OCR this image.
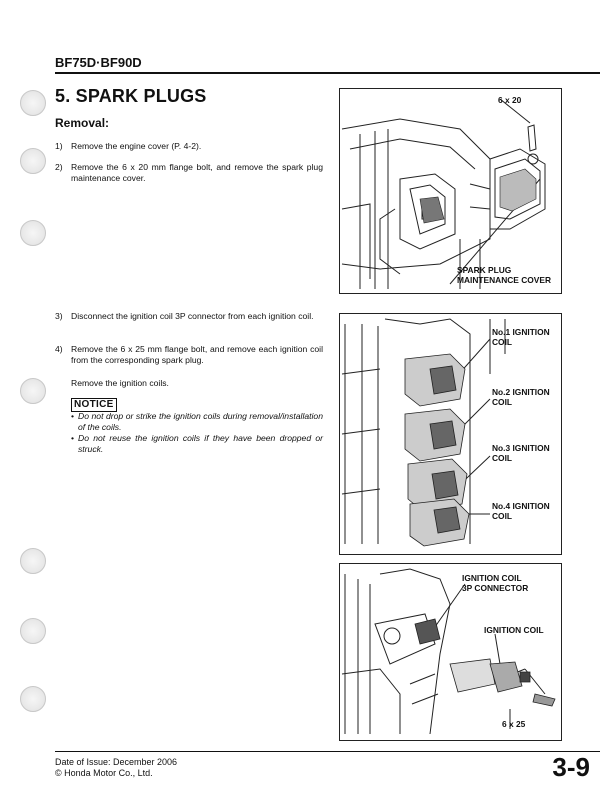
BF75D·BF90D
5. SPARK PLUGS
Removal:
1) Remove the engine cover (P. 4-2).
2) Remove the 6 x 20 mm flange bolt, and remove the spark plug maintenance cover.
3) Disconnect the ignition coil 3P connector from each ignition coil.
4) Remove the 6 x 25 mm flange bolt, and remove each ignition coil from the corresponding spark plug.
Remove the ignition coils.
NOTICE
• Do not drop or strike the ignition coils during removal/installation of the coils.
• Do not reuse the ignition coils if they have been dropped or struck.
6 x 20
SPARK PLUG
MAINTENANCE COVER
No.1 IGNITION
COIL
No.2 IGNITION
COIL
No.3 IGNITION
COIL
No.4 IGNITION
COIL
IGNITION COIL
3P CONNECTOR
IGNITION COIL
6 x 25
Date of Issue: December 2006
© Honda Motor Co., Ltd.	3-9
